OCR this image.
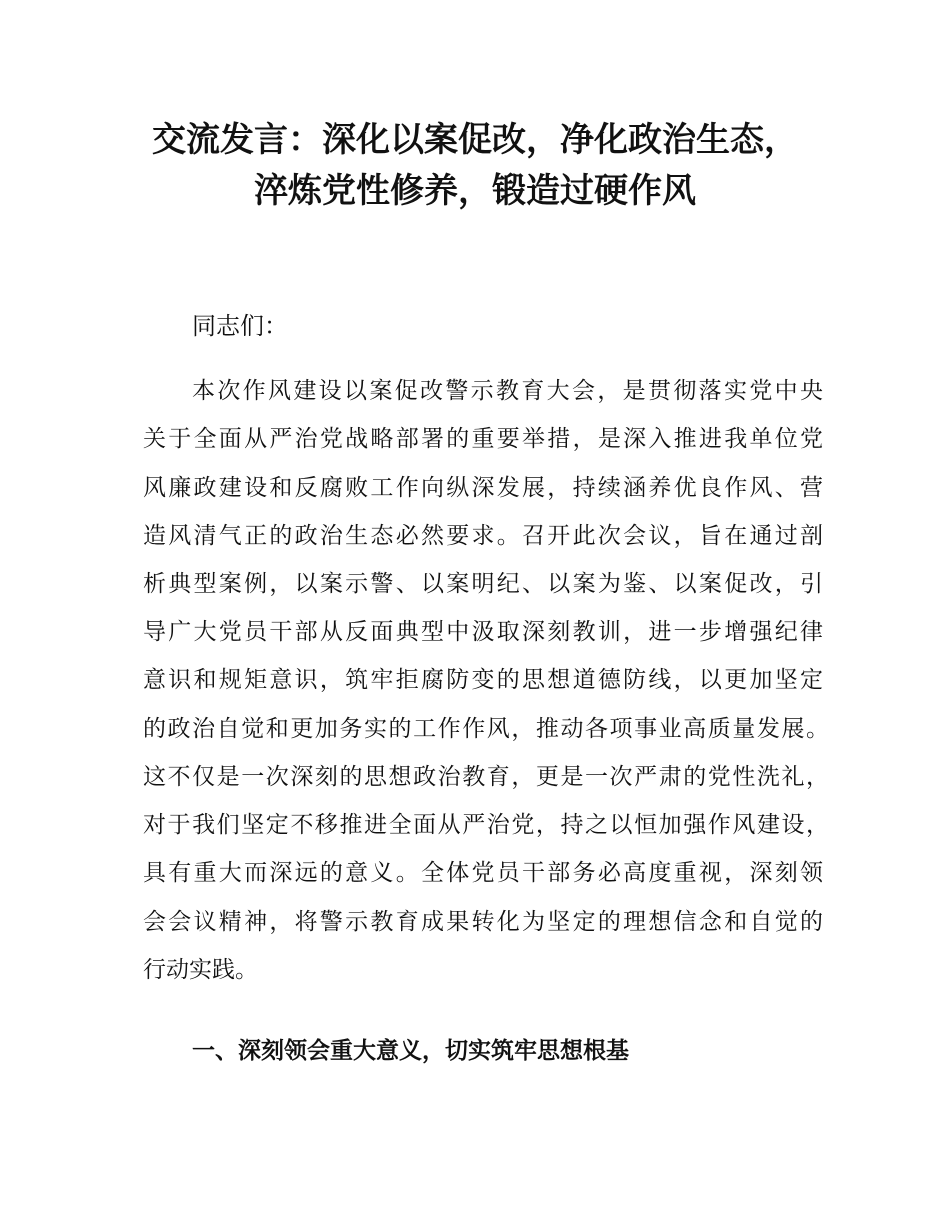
交流发言：深化以案促改，净化政治生态，
淬炼党性修养，锻造过硬作风
同志们：
本次作风建设以案促改警示教育大会，是贯彻落实党中央
关于全面从严治党战略部署的重要举措，是深入推进我单位党
风廉政建设和反腐败工作向纵深发展，持续涵养优良作风、营
造风清气正的政治生态必然要求。召开此次会议，旨在通过剖
析典型案例，以案示警、以案明纪、以案为鉴、以案促改，引
导广大党员干部从反面典型中汲取深刻教训，进一步增强纪律
意识和规矩意识，筑牢拒腐防变的思想道德防线，以更加坚定
的政治自觉和更加务实的工作作风，推动各项事业高质量发展。
这不仅是一次深刻的思想政治教育，更是一次严肃的党性洗礼，
对于我们坚定不移推进全面从严治党，持之以恒加强作风建设，
具有重大而深远的意义。全体党员干部务必高度重视，深刻领
会会议精神，将警示教育成果转化为坚定的理想信念和自觉的
行动实践。
一、深刻领会重大意义，切实筑牢思想根基
